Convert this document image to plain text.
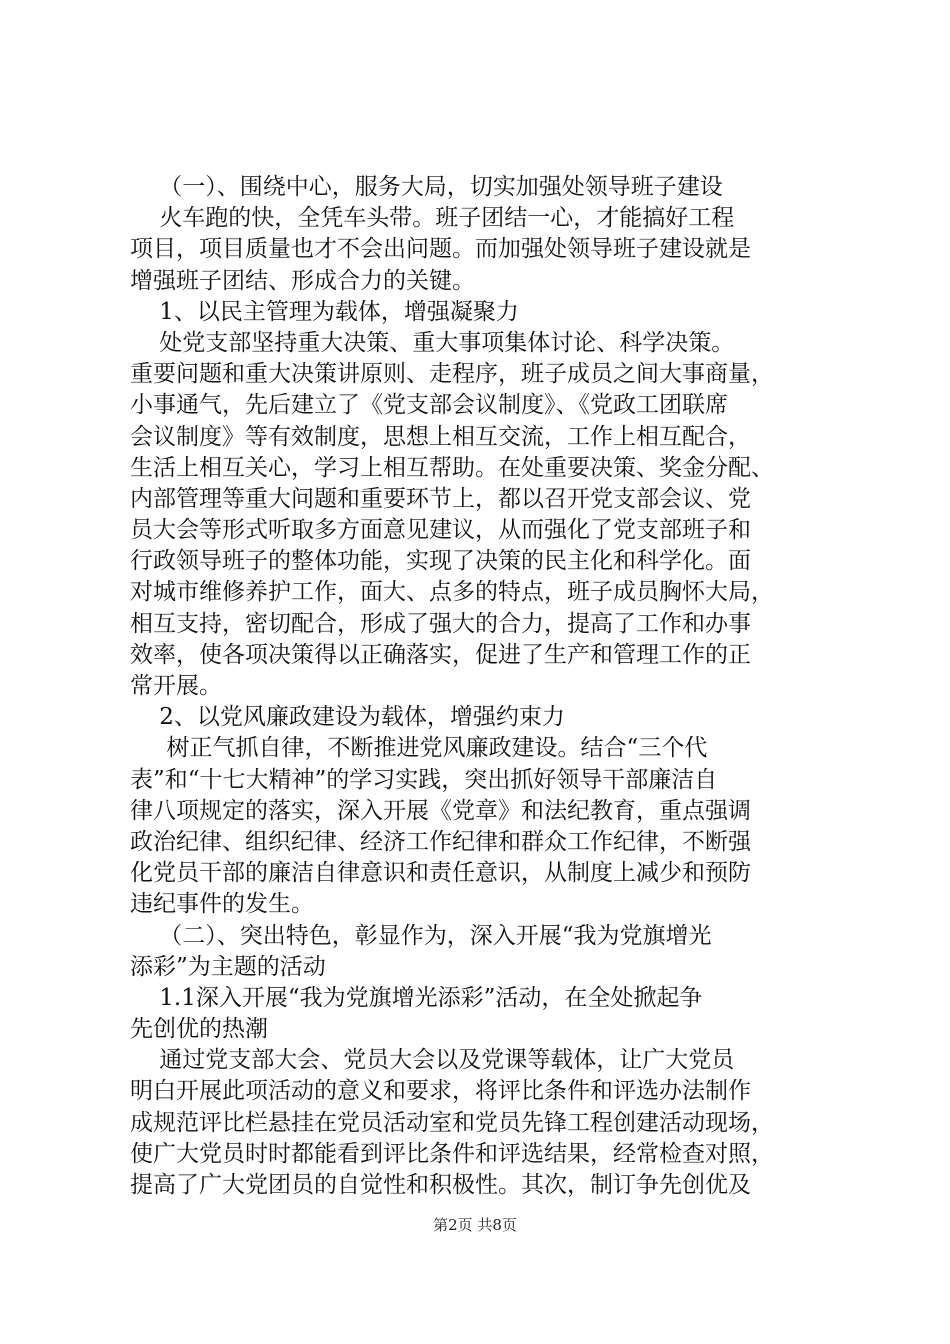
（一）、围绕中心，服务大局，切实加强处领导班子建设
火车跑的快，全凭车头带。班子团结一心，才能搞好工程
项目，项目质量也才不会出问题。而加强处领导班子建设就是
增强班子团结、形成合力的关键。
1、以民主管理为载体，增强凝聚力
处党支部坚持重大决策、重大事项集体讨论、科学决策。
重要问题和重大决策讲原则、走程序，班子成员之间大事商量，
小事通气，先后建立了《党支部会议制度》、《党政工团联席
会议制度》等有效制度，思想上相互交流，工作上相互配合，
生活上相互关心，学习上相互帮助。在处重要决策、奖金分配、
内部管理等重大问题和重要环节上，都以召开党支部会议、党
员大会等形式听取多方面意见建议，从而强化了党支部班子和
行政领导班子的整体功能，实现了决策的民主化和科学化。面
对城市维修养护工作，面大、点多的特点，班子成员胸怀大局，
相互支持，密切配合，形成了强大的合力，提高了工作和办事
效率，使各项决策得以正确落实，促进了生产和管理工作的正
常开展。
2、以党风廉政建设为载体，增强约束力
树正气抓自律，不断推进党风廉政建设。结合“三个代
表”和“十七大精神”的学习实践，突出抓好领导干部廉洁自
律八项规定的落实，深入开展《党章》和法纪教育，重点强调
政治纪律、组织纪律、经济工作纪律和群众工作纪律，不断强
化党员干部的廉洁自律意识和责任意识，从制度上减少和预防
违纪事件的发生。
（二）、突出特色，彰显作为，深入开展“我为党旗增光
添彩”为主题的活动
1.1深入开展“我为党旗增光添彩”活动，在全处掀起争
先创优的热潮
通过党支部大会、党员大会以及党课等载体，让广大党员
明白开展此项活动的意义和要求，将评比条件和评选办法制作
成规范评比栏悬挂在党员活动室和党员先锋工程创建活动现场，
使广大党员时时都能看到评比条件和评选结果，经常检查对照，
提高了广大党团员的自觉性和积极性。其次，制订争先创优及
第2页 共8页
